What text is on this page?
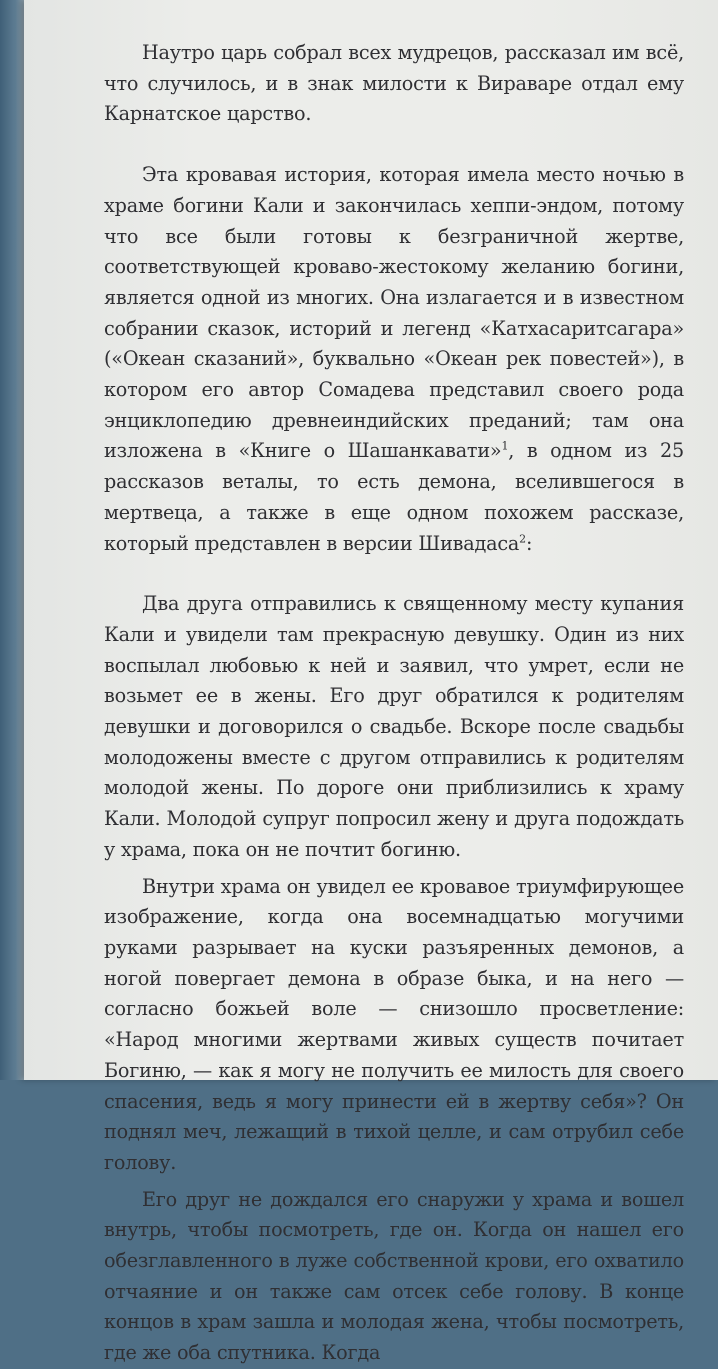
Наутро царь собрал всех мудрецов, рассказал им всё, что случилось, и в знак милости к Вираваре отдал ему Карнатское царство.

Эта кровавая история, которая имела место ночью в храме богини Кали и закончилась хеппи-эндом, потому что все были готовы к безграничной жертве, соответствующей кроваво-жестокому желанию богини, является одной из многих. Она излагается и в известном собрании сказок, историй и легенд «Катхасаритсагара» («Океан сказаний», буквально «Океан рек повестей»), в котором его автор Сомадева представил своего рода энциклопедию древнеиндийских преданий; там она изложена в «Книге о Шашанкавати»$^1$, в одном из 25 рассказов веталы, то есть демона, вселившегося в мертвеца, а также в еще одном похожем рассказе, который представлен в версии Шивадаса$^2$:

Два друга отправились к священному месту купания Кали и увидели там прекрасную девушку. Один из них воспылал любовью к ней и заявил, что умрет, если не возьмет ее в жены. Его друг обратился к родителям девушки и договорился о свадьбе. Вскоре после свадьбы молодожены вместе с другом отправились к родителям молодой жены. По дороге они приблизились к храму Кали. Молодой супруг попросил жену и друга подождать у храма, пока он не почтит богиню.

Внутри храма он увидел ее кровавое триумфирующее изображение, когда она восемнадцатью могучими руками разрывает на куски разъяренных демонов, а ногой повергает демона в образе быка, и на него — согласно божьей воле — снизошло просветление: «Народ многими жертвами живых существ почитает Богиню, — как я могу не получить ее милость для своего спасения, ведь я могу принести ей в жертву себя»? Он поднял меч, лежащий в тихой целле, и сам отрубил себе голову.

Его друг не дождался его снаружи у храма и вошел внутрь, чтобы посмотреть, где он. Когда он нашел его обезглавленного в луже собственной крови, его охватило отчаяние и он также сам отсек себе голову. В конце концов в храм зашла и молодая жена, чтобы посмотреть, где же оба спутника. Когда
